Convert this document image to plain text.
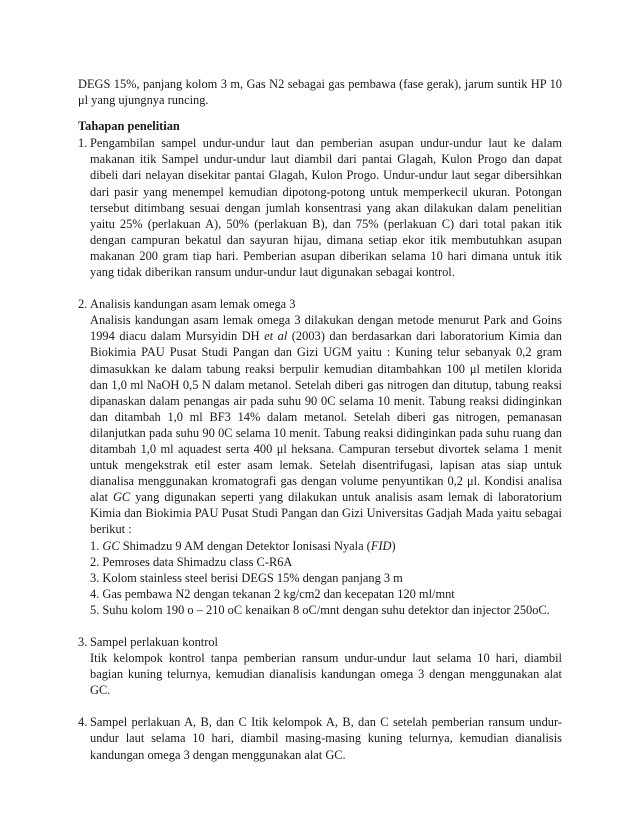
DEGS 15%, panjang kolom 3 m, Gas N2 sebagai gas pembawa (fase gerak), jarum suntik HP 10 μl yang ujungnya runcing.

Tahapan penelitian
1. Pengambilan sampel undur-undur laut dan pemberian asupan undur-undur laut ke dalam makanan itik Sampel undur-undur laut diambil dari pantai Glagah, Kulon Progo dan dapat dibeli dari nelayan disekitar pantai Glagah, Kulon Progo. Undur-undur laut segar dibersihkan dari pasir yang menempel kemudian dipotong-potong untuk memperkecil ukuran. Potongan tersebut ditimbang sesuai dengan jumlah konsentrasi yang akan dilakukan dalam penelitian yaitu 25% (perlakuan A), 50% (perlakuan B), dan 75% (perlakuan C) dari total pakan itik dengan campuran bekatul dan sayuran hijau, dimana setiap ekor itik membutuhkan asupan makanan 200 gram tiap hari. Pemberian asupan diberikan selama 10 hari dimana untuk itik yang tidak diberikan ransum undur-undur laut digunakan sebagai kontrol.

2. Analisis kandungan asam lemak omega 3

Analisis kandungan asam lemak omega 3 dilakukan dengan metode menurut Park and Goins 1994 diacu dalam Mursyidin DH et al (2003) dan berdasarkan dari laboratorium Kimia dan Biokimia PAU Pusat Studi Pangan dan Gizi UGM yaitu : Kuning telur sebanyak 0,2 gram dimasukkan ke dalam tabung reaksi berpulir kemudian ditambahkan 100 μl metilen klorida dan 1,0 ml NaOH 0,5 N dalam metanol. Setelah diberi gas nitrogen dan ditutup, tabung reaksi dipanaskan dalam penangas air pada suhu 90 0C selama 10 menit. Tabung reaksi didinginkan dan ditambah 1,0 ml BF3 14% dalam metanol. Setelah diberi gas nitrogen, pemanasan dilanjutkan pada suhu 90 0C selama 10 menit. Tabung reaksi didinginkan pada suhu ruang dan ditambah 1,0 ml aquadest serta 400 μl heksana. Campuran tersebut divortek selama 1 menit untuk mengekstrak etil ester asam lemak. Setelah disentrifugasi, lapisan atas siap untuk dianalisa menggunakan kromatografi gas dengan volume penyuntikan 0,2 μl. Kondisi analisa alat GC yang digunakan seperti yang dilakukan untuk analisis asam lemak di laboratorium Kimia dan Biokimia PAU Pusat Studi Pangan dan Gizi Universitas Gadjah Mada yaitu sebagai berikut :

1. GC Shimadzu 9 AM dengan Detektor Ionisasi Nyala (FID)
2. Pemroses data Shimadzu class C-R6A
3. Kolom stainless steel berisi DEGS 15% dengan panjang 3 m
4. Gas pembawa N2 dengan tekanan 2 kg/cm2 dan kecepatan 120 ml/mnt
5. Suhu kolom 190 o – 210 oC kenaikan 8 oC/mnt dengan suhu detektor dan injector 250oC.
3. Sampel perlakuan kontrol

Itik kelompok kontrol tanpa pemberian ransum undur-undur laut selama 10 hari, diambil bagian kuning telurnya, kemudian dianalisis kandungan omega 3 dengan menggunakan alat GC.

4. Sampel perlakuan A, B, dan C Itik kelompok A, B, dan C setelah pemberian ransum undur-undur laut selama 10 hari, diambil masing-masing kuning telurnya, kemudian dianalisis kandungan omega 3 dengan menggunakan alat GC.
